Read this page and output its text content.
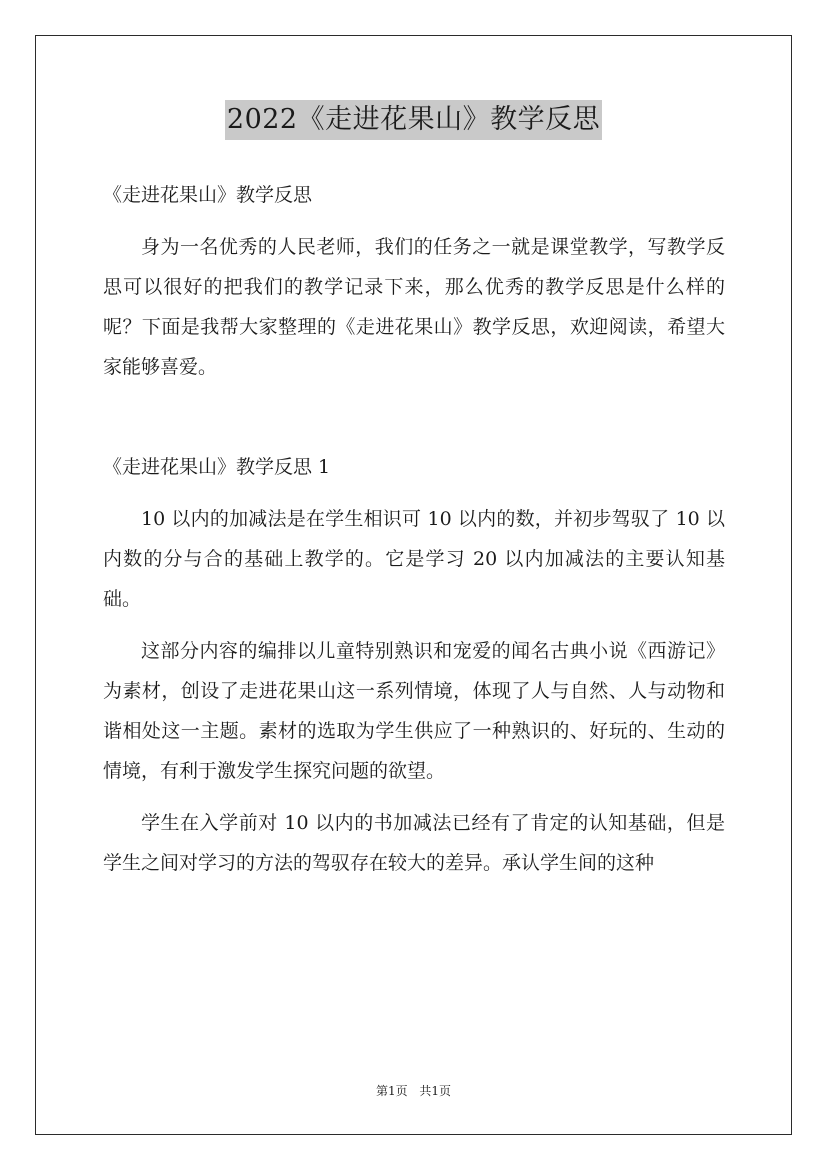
2022《走进花果山》教学反思

《走进花果山》教学反思

身为一名优秀的人民老师，我们的任务之一就是课堂教学，写教学反思可以很好的把我们的教学记录下来，那么优秀的教学反思是什么样的呢？下面是我帮大家整理的《走进花果山》教学反思，欢迎阅读，希望大家能够喜爱。

《走进花果山》教学反思 1

10 以内的加减法是在学生相识可 10 以内的数，并初步驾驭了 10 以内数的分与合的基础上教学的。它是学习 20 以内加减法的主要认知基础。

这部分内容的编排以儿童特别熟识和宠爱的闻名古典小说《西游记》为素材，创设了走进花果山这一系列情境，体现了人与自然、人与动物和谐相处这一主题。素材的选取为学生供应了一种熟识的、好玩的、生动的情境，有利于激发学生探究问题的欲望。

学生在入学前对 10 以内的书加减法已经有了肯定的认知基础，但是学生之间对学习的方法的驾驭存在较大的差异。承认学生间的这种

第1页 共1页
